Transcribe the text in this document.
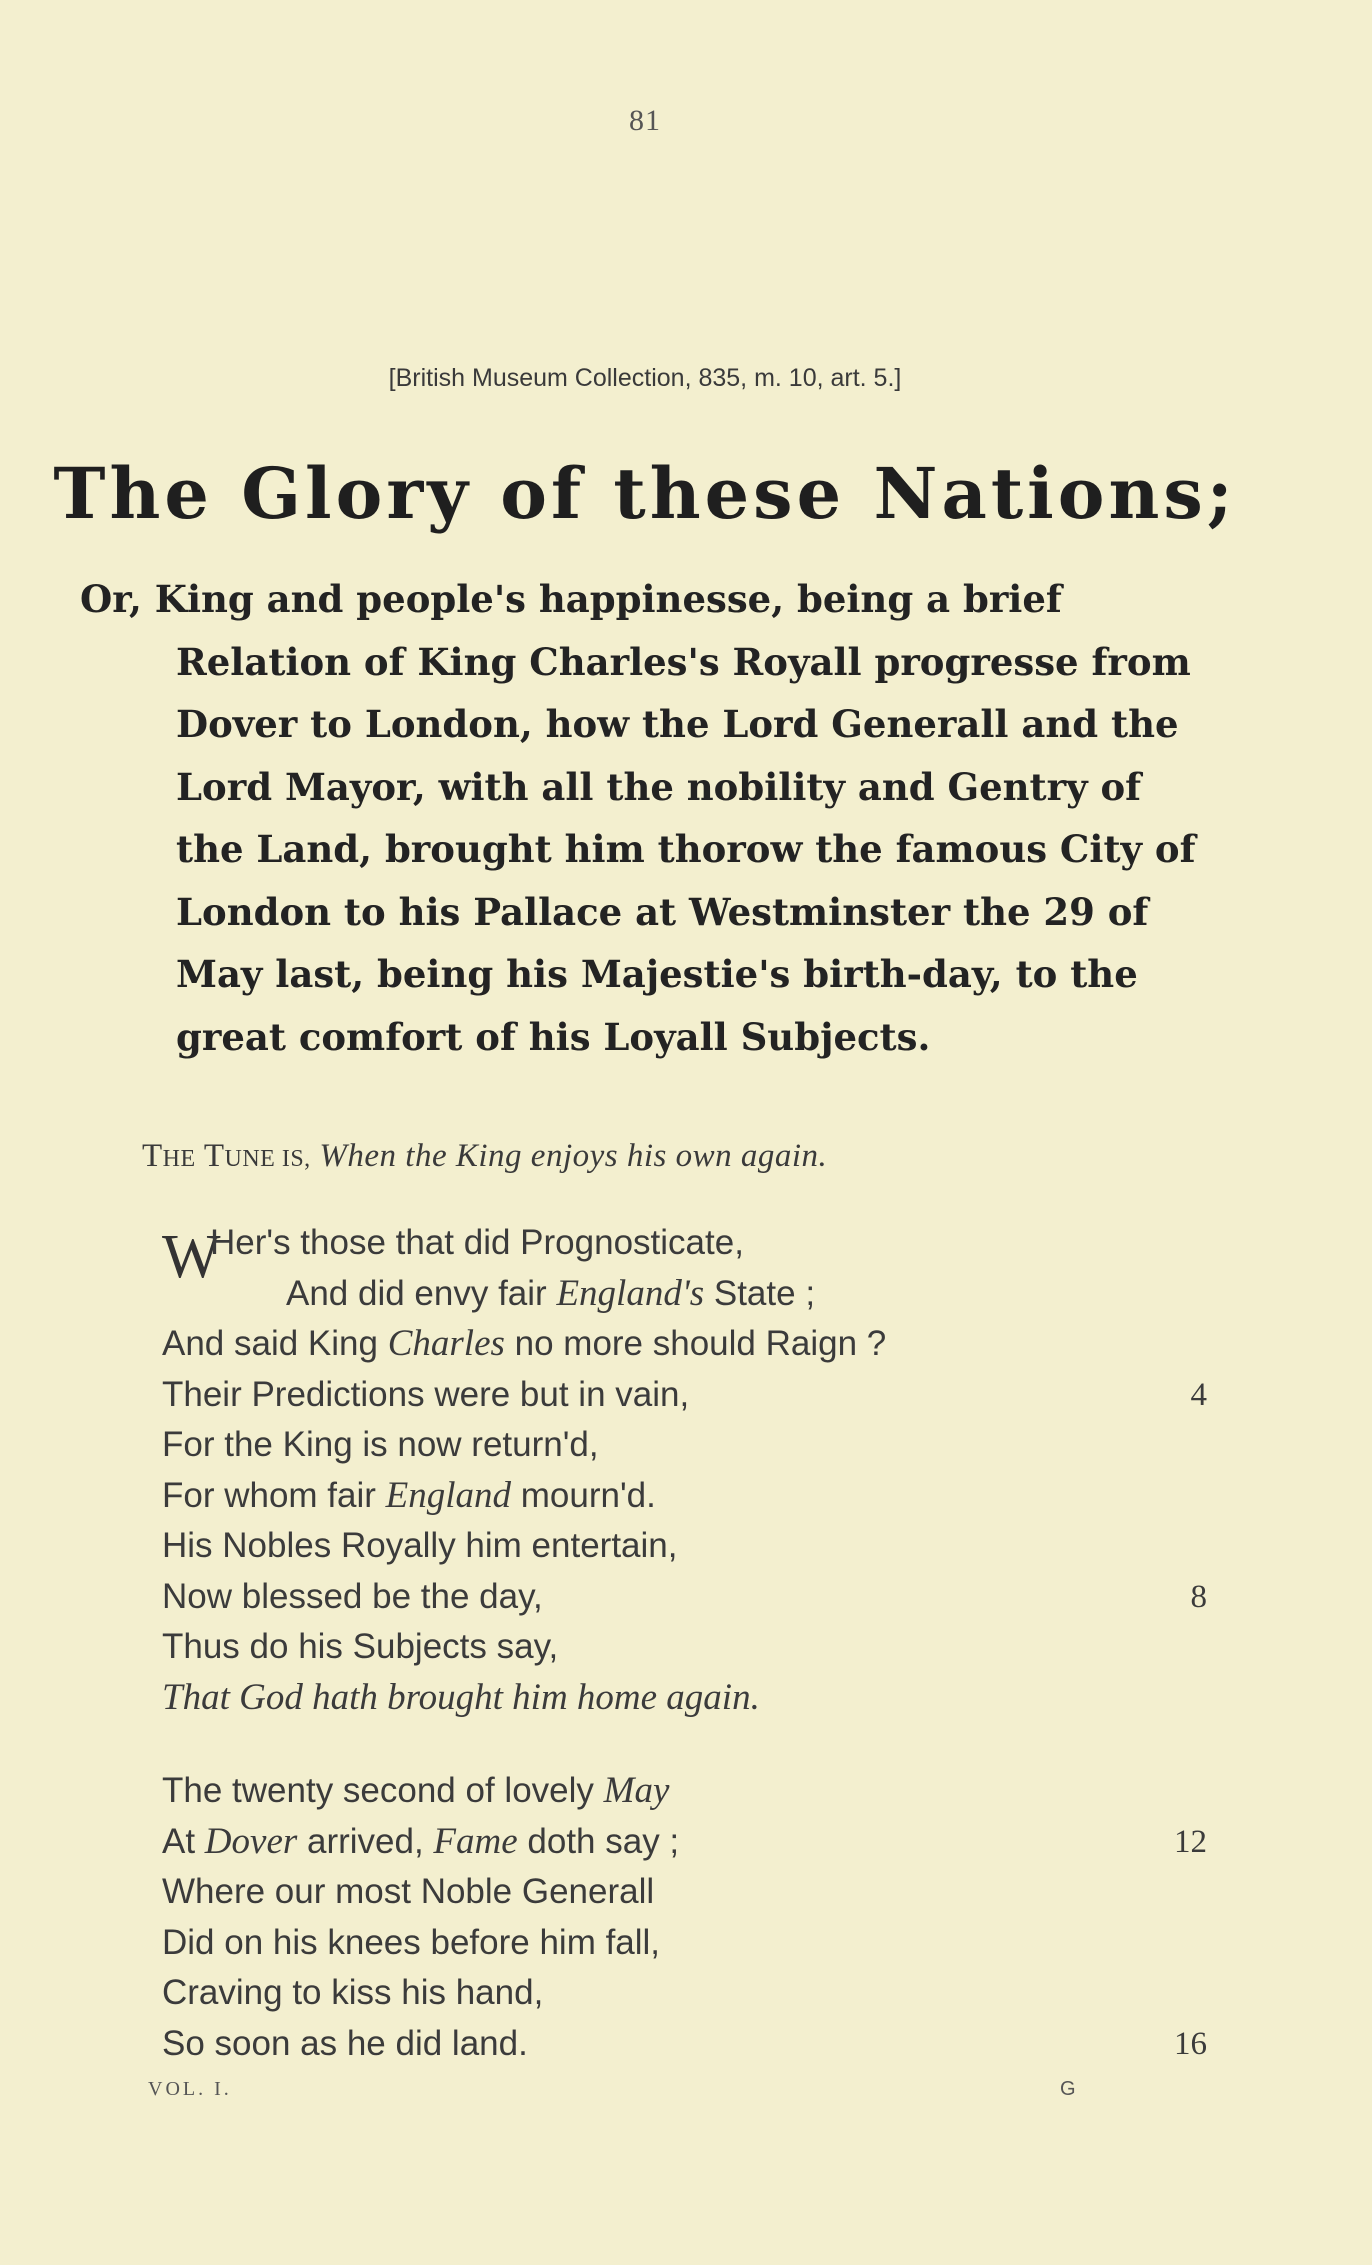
81
[British Museum Collection, 835, m. 10, art. 5.]
The Glory of these Nations;

Or, King and people's happinesse, being a brief Relation of King Charles's Royall progresse from Dover to London, how the Lord Generall and the Lord Mayor, with all the nobility and Gentry of the Land, brought him thorow the famous City of London to his Pallace at Westminster the 29 of May last, being his Majestie's birth-day, to the great comfort of his Loyall Subjects.

THE TUNE IS, When the King enjoys his own again.
W
Her's those that did Prognosticate,
And did envy fair England's State ;
And said King Charles no more should Raign ?
Their Predictions were but in vain,	4
For the King is now return'd,
For whom fair England mourn'd.
His Nobles Royally him entertain,
Now blessed be the day,	8
Thus do his Subjects say,
That God hath brought him home again.
The twenty second of lovely May
At Dover arrived, Fame doth say ;	12
Where our most Noble Generall
Did on his knees before him fall,
Craving to kiss his hand,
So soon as he did land.	16
VOL. I.	G
